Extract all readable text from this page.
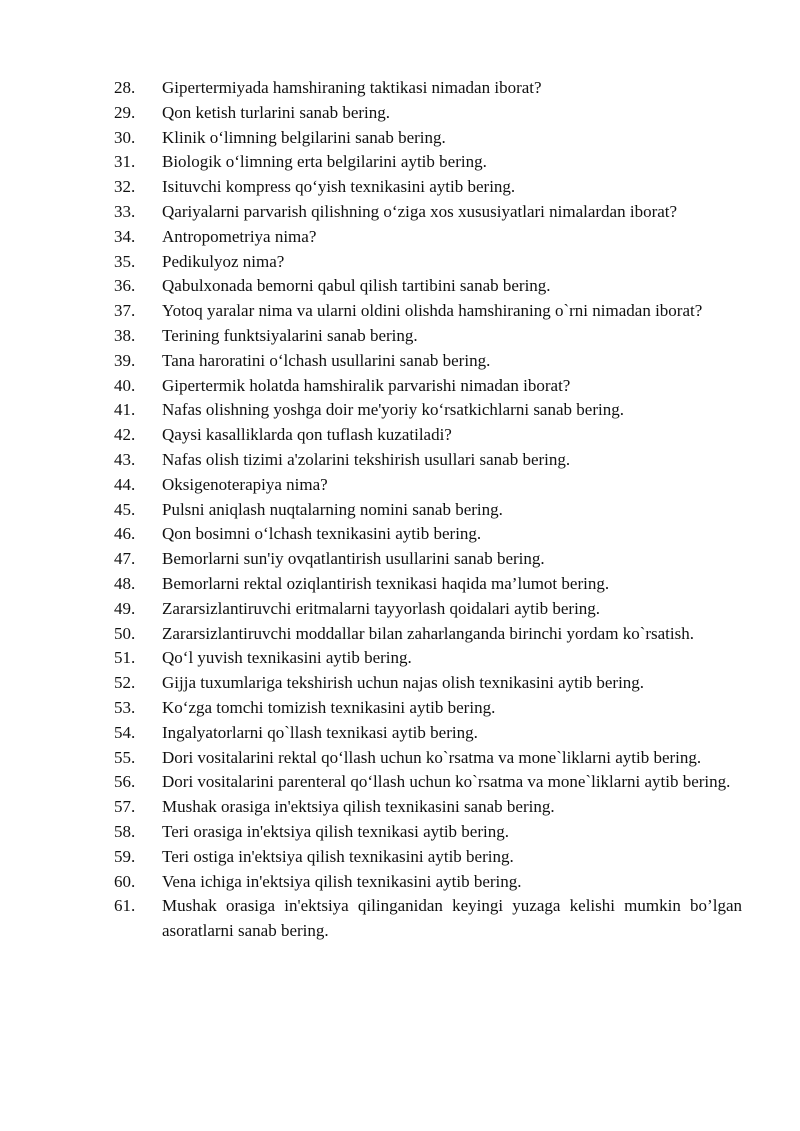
28.	Gipertermiyada hamshiraning taktikasi nimadan iborat?
29.	Qon ketish turlarini sanab bering.
30.	Klinik o‘limning belgilarini sanab bering.
31.	Biologik o‘limning erta belgilarini aytib bering.
32.	Isituvchi kompress qo‘yish texnikasini aytib bering.
33.	Qariyalarni parvarish qilishning o‘ziga xos xususiyatlari nimalardan iborat?
34.	Antropometriya nima?
35.	Pedikulyoz nima?
36.	Qabulxonada bemorni qabul qilish tartibini sanab bering.
37.	Yotoq yaralar nima va ularni oldini olishda hamshiraning o`rni nimadan iborat?
38.	Terining funktsiyalarini sanab bering.
39.	Tana haroratini o‘lchash usullarini sanab bering.
40.	Gipertermik holatda hamshiralik parvarishi nimadan iborat?
41.	Nafas olishning yoshga doir me'yoriy ko‘rsatkichlarni sanab bering.
42.	Qaysi kasalliklarda qon tuflash kuzatiladi?
43.	Nafas olish tizimi a'zolarini tekshirish usullari sanab bering.
44.	Oksigenoterapiya nima?
45.	Pulsni aniqlash nuqtalarning nomini sanab bering.
46.	Qon bosimni o‘lchash texnikasini aytib bering.
47.	Bemorlarni sun'iy ovqatlantirish usullarini sanab bering.
48.	Bemorlarni rektal oziqlantirish texnikasi haqida ma’lumot bering.
49.	Zararsizlantiruvchi eritmalarni tayyorlash qoidalari aytib bering.
50.	Zararsizlantiruvchi moddallar bilan zaharlanganda birinchi yordam ko`rsatish.
51.	Qo‘l yuvish texnikasini aytib bering.
52.	Gijja tuxumlariga tekshirish uchun najas olish texnikasini aytib bering.
53.	Ko‘zga tomchi tomizish texnikasini aytib bering.
54.	Ingalyatorlarni qo`llash texnikasi aytib bering.
55.	Dori vositalarini rektal qo‘llash uchun ko`rsatma va mone`liklarni aytib bering.
56.	Dori vositalarini parenteral qo‘llash uchun ko`rsatma va mone`liklarni aytib bering.
57.	Mushak orasiga in'ektsiya qilish texnikasini sanab bering.
58.	Teri orasiga in'ektsiya qilish texnikasi aytib bering.
59.	Teri ostiga in'ektsiya qilish texnikasini aytib bering.
60.	Vena ichiga in'ektsiya qilish texnikasini aytib bering.
61.	Mushak orasiga in'ektsiya qilinganidan keyingi yuzaga kelishi mumkin bo’lgan asoratlarni sanab bering.
